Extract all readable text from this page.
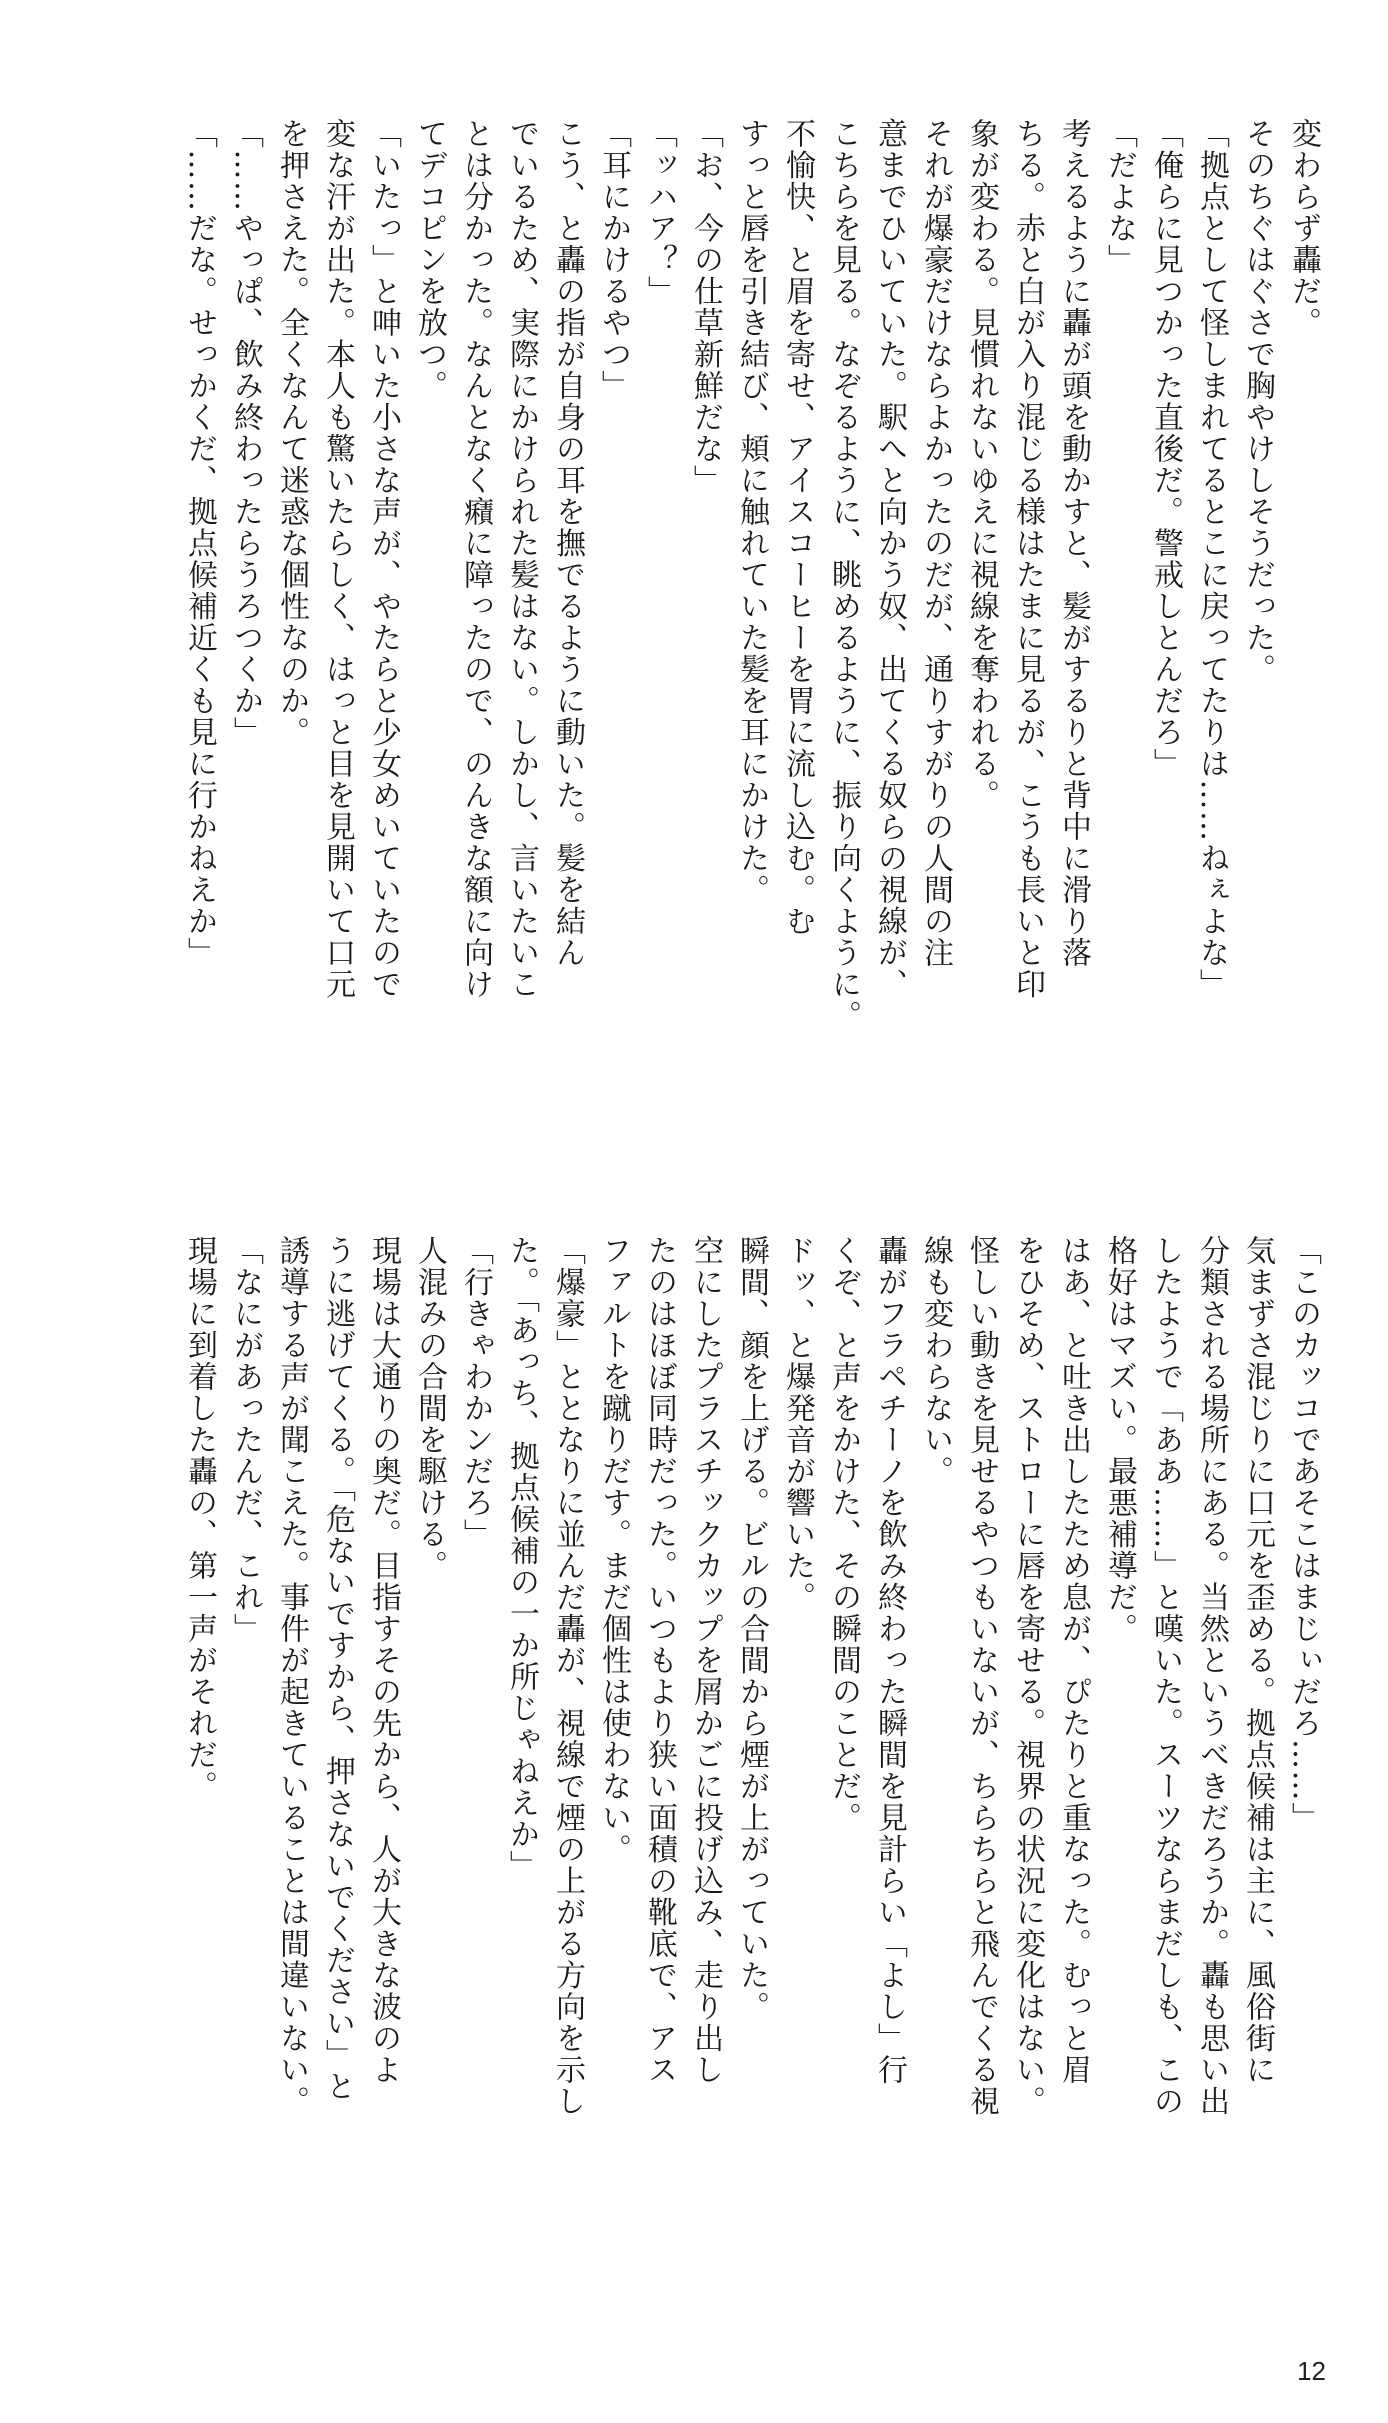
変わらず轟だ。
そのちぐはぐさで胸やけしそうだった。
「拠点として怪しまれてるとこに戻ってたりは……ねぇよな」
「俺らに見つかった直後だ。警戒しとんだろ」
「だよな」
考えるように轟が頭を動かすと、髪がするりと背中に滑り落
ちる。赤と白が入り混じる様はたまに見るが、こうも長いと印
象が変わる。見慣れないゆえに視線を奪われる。
それが爆豪だけならよかったのだが、通りすがりの人間の注
意までひいていた。駅へと向かう奴、出てくる奴らの視線が、
こちらを見る。なぞるように、眺めるように、振り向くように。
不愉快、と眉を寄せ、アイスコーヒーを胃に流し込む。む
すっと唇を引き結び、頬に触れていた髪を耳にかけた。
「お、今の仕草新鮮だな」
「ッハア？」
「耳にかけるやつ」
こう、と轟の指が自身の耳を撫でるように動いた。髪を結ん
でいるため、実際にかけられた髪はない。しかし、言いたいこ
とは分かった。なんとなく癪に障ったので、のんきな額に向け
てデコピンを放つ。
「いたっ」と呻いた小さな声が、やたらと少女めいていたので
変な汗が出た。本人も驚いたらしく、はっと目を見開いて口元
を押さえた。全くなんて迷惑な個性なのか。
「……やっぱ、飲み終わったらうろつくか」
「……だな。せっかくだ、拠点候補近くも見に行かねえか」
「このカッコであそこはまじぃだろ……」
気まずさ混じりに口元を歪める。拠点候補は主に、風俗街に
分類される場所にある。当然というべきだろうか。轟も思い出
したようで「ああ……」と嘆いた。スーツならまだしも、この
格好はマズい。最悪補導だ。
はあ、と吐き出したため息が、ぴたりと重なった。むっと眉
をひそめ、ストローに唇を寄せる。視界の状況に変化はない。
怪しい動きを見せるやつもいないが、ちらちらと飛んでくる視
線も変わらない。
轟がフラペチーノを飲み終わった瞬間を見計らい「よし」行
くぞ、と声をかけた、その瞬間のことだ。
ドッ、と爆発音が響いた。
瞬間、顔を上げる。ビルの合間から煙が上がっていた。
空にしたプラスチックカップを屑かごに投げ込み、走り出し
たのはほぼ同時だった。いつもより狭い面積の靴底で、アス
ファルトを蹴りだす。まだ個性は使わない。
「爆豪」ととなりに並んだ轟が、視線で煙の上がる方向を示し
た。「あっち、拠点候補の一か所じゃねえか」
「行きゃわかンだろ」
人混みの合間を駆ける。
現場は大通りの奥だ。目指すその先から、人が大きな波のよ
うに逃げてくる。「危ないですから、押さないでください」と
誘導する声が聞こえた。事件が起きていることは間違いない。
「なにがあったんだ、これ」
現場に到着した轟の、第一声がそれだ。
12
